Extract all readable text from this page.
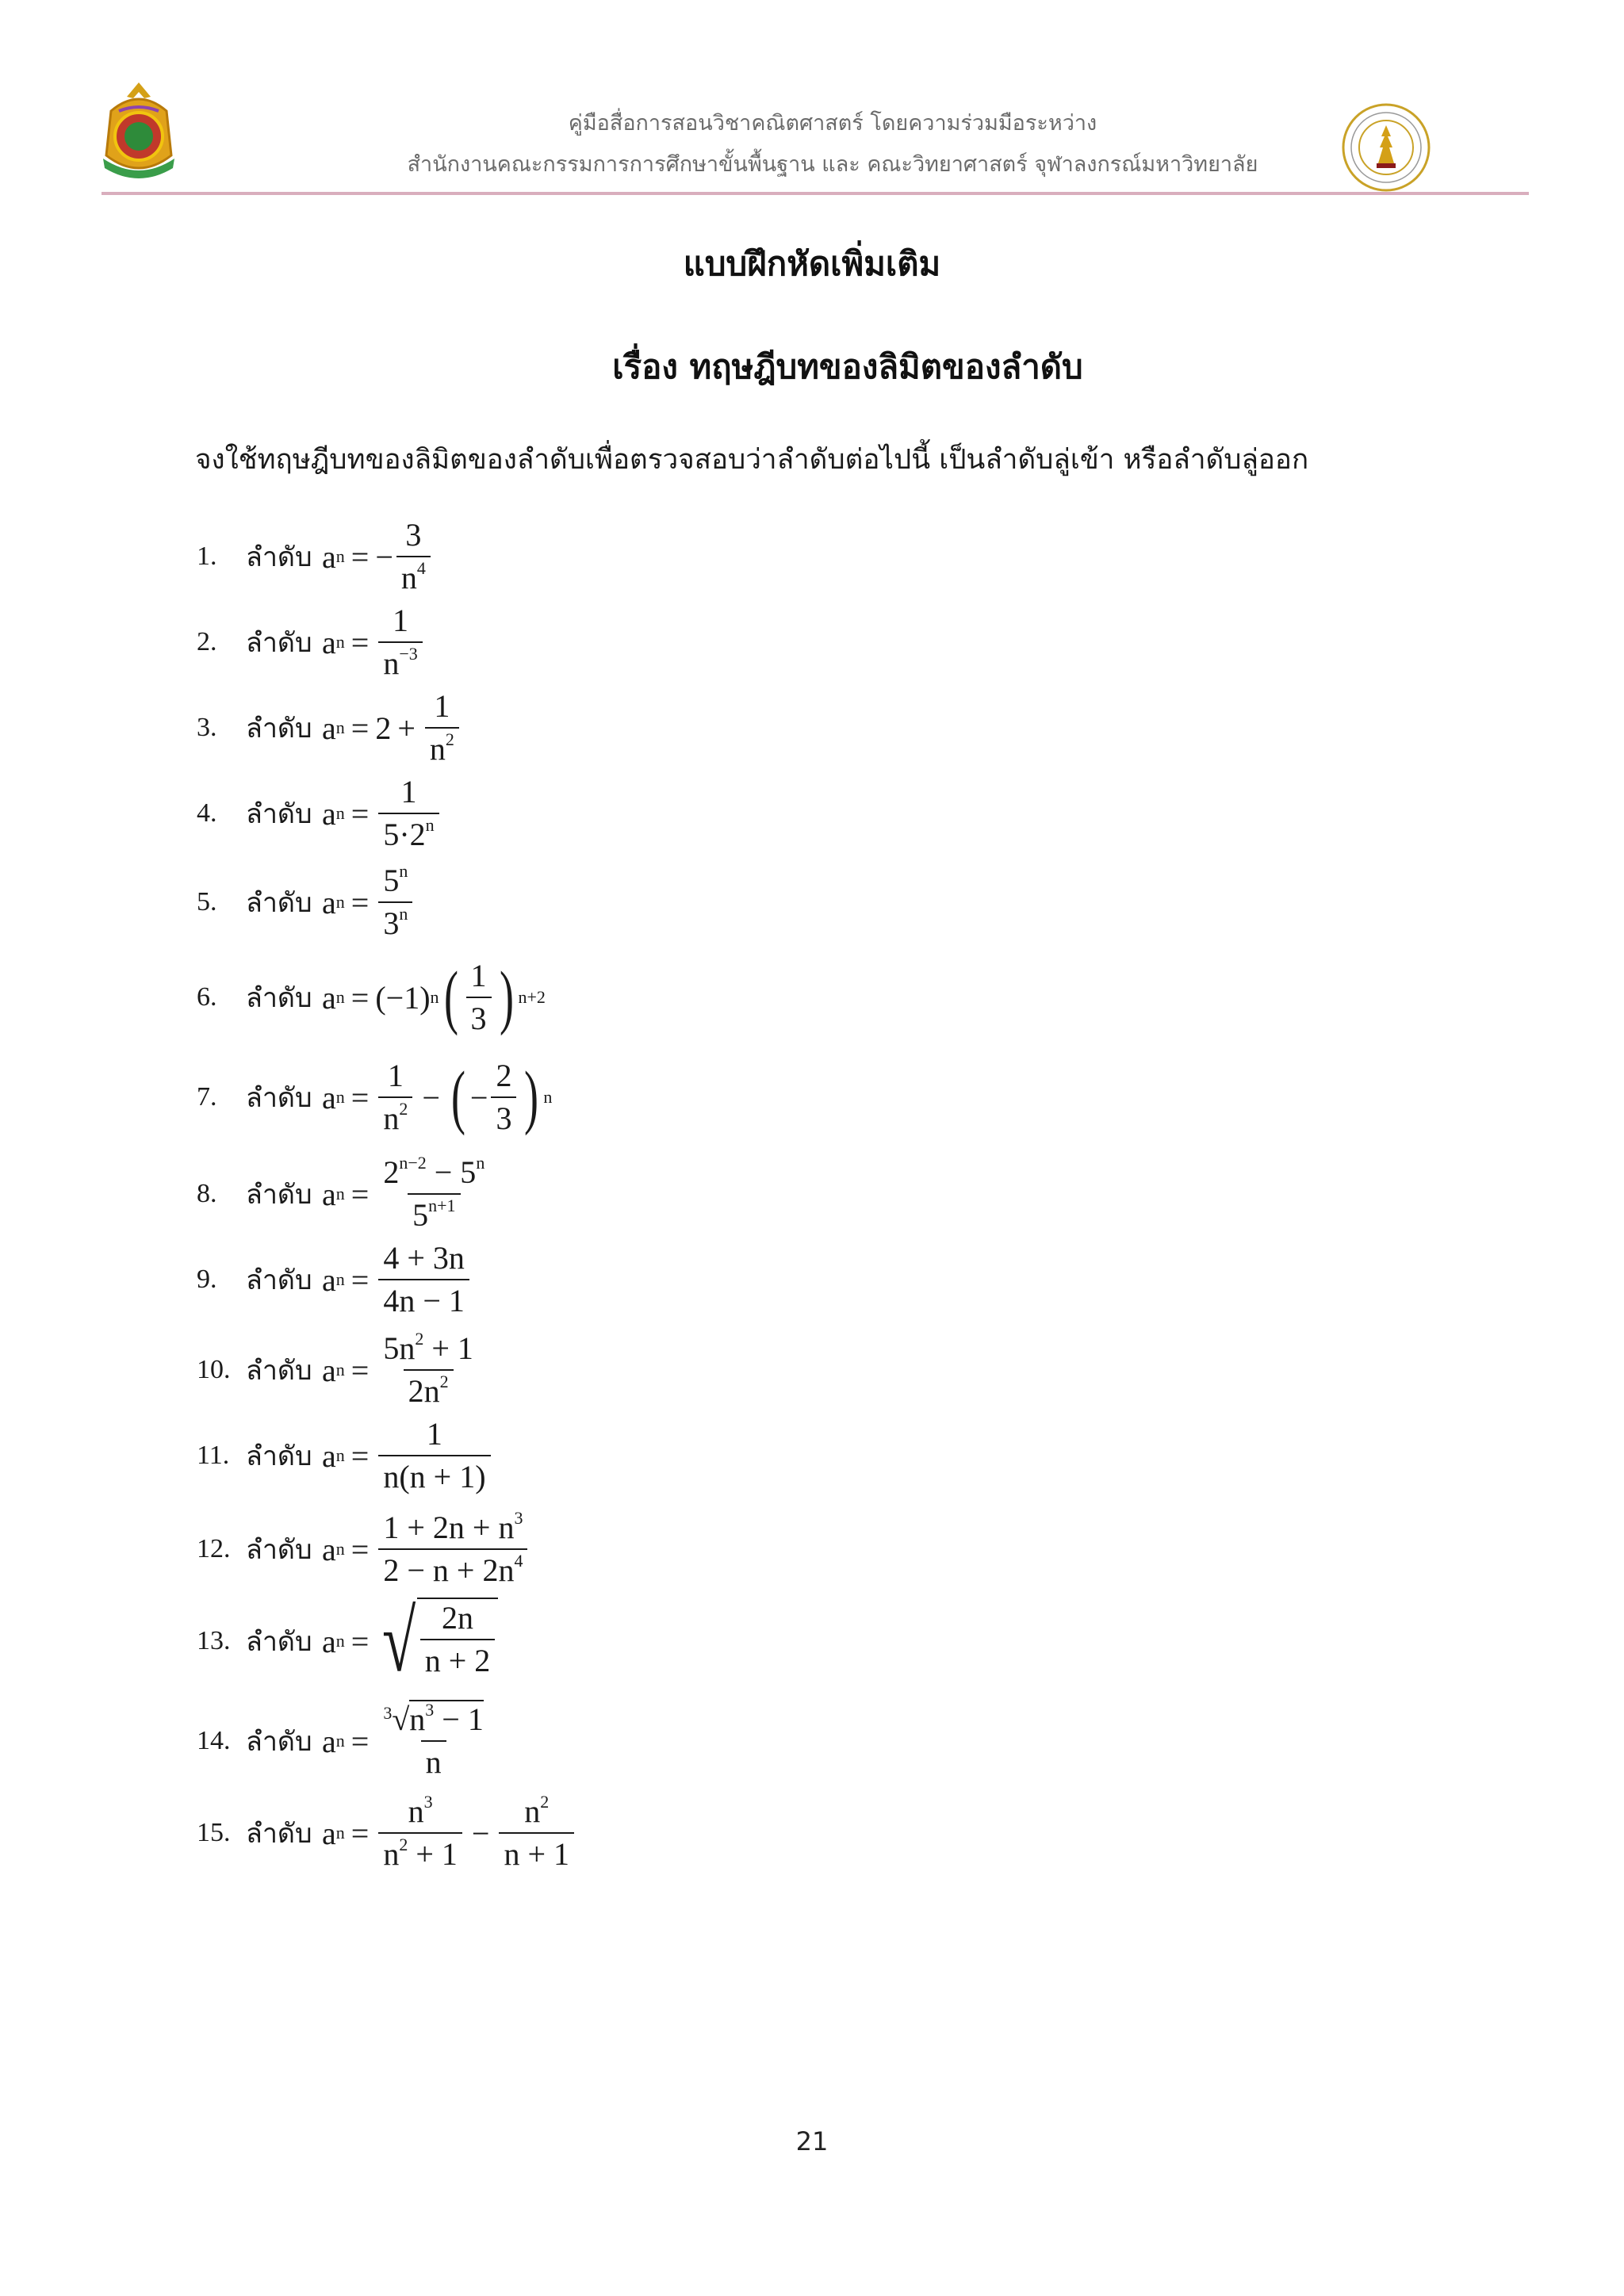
คู่มือสื่อการสอนวิชาคณิตศาสตร์ โดยความร่วมมือระหว่าง
สำนักงานคณะกรรมการการศึกษาขั้นพื้นฐาน และ คณะวิทยาศาสตร์ จุฬาลงกรณ์มหาวิทยาลัย
แบบฝึกหัดเพิ่มเติม
เรื่อง ทฤษฎีบทของลิมิตของลำดับ
จงใช้ทฤษฎีบทของลิมิตของลำดับเพื่อตรวจสอบว่าลำดับต่อไปนี้ เป็นลำดับลู่เข้า หรือลำดับลู่ออก
1. ลำดับ a n = − $\frac{3}{n^4}$
2. ลำดับ a $n = \frac{1}{n^{-3}}$
3. ลำดับ a $n = 2 + \frac{1}{n^2}$
4. ลำดับ a $n = \frac{1}{5\cdot 2^n}$
5. ลำดับ a $n = \frac{5^n}{3^n}$
6. ลำดับ a n = (−1) n ( $\frac{1}{3}$ ) n+2
7. ลำดับ a $n = \frac{1}{n^2}$ − ( − $\frac{2}{3}$ ) n
8. ลำดับ a $n = \frac{2^{n-2} - 5^n}{5^{n+1}}$
9. ลำดับ a $n = \frac{4 + 3n}{4n - 1}$
10. ลำดับ a $n = \frac{5n^2 + 1}{2n^2}$
11. ลำดับ a $n = \frac{1}{n(n + 1)}$
12. ลำดับ a $n = \frac{1 + 2n + n^3}{2 - n + 2n^4}$
13. ลำดับ a n = √ $\frac{2n}{n + 2}$
14. ลำดับ a $n = \frac{^3√n^3 - 1}{n}$
15. ลำดับ a $n = \frac{n^3}{n^2 + 1} - \frac{n^2}{n + 1}$
21
